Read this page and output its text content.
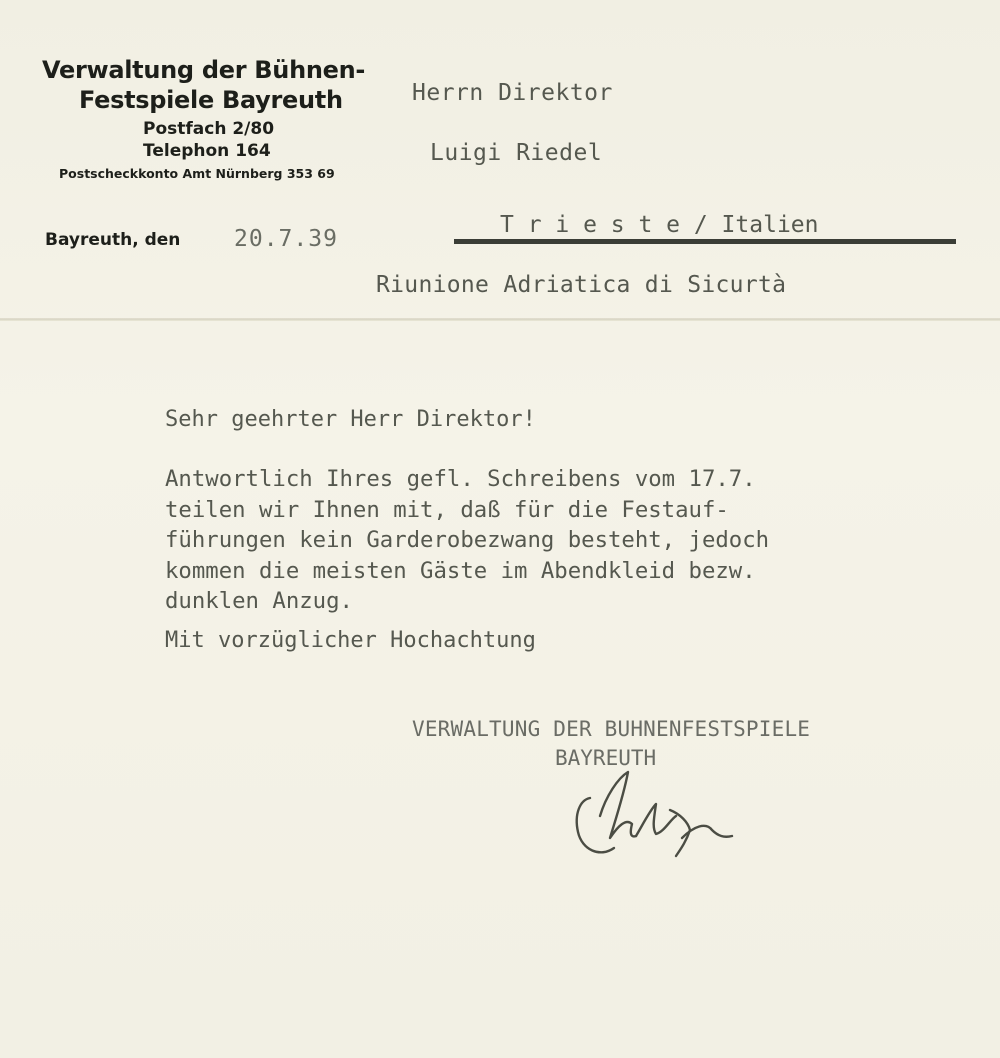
Verwaltung der Bühnen-
Festspiele Bayreuth
Postfach 2/80
Telephon 164
Postscheckkonto Amt Nürnberg 353 69
Bayreuth, den 20.7.39
Herrn Direktor
Luigi Riedel
T r i e s t e / Italien
Riunione Adriatica di Sicurtà
Sehr geehrter Herr Direktor!
Antwortlich Ihres gefl. Schreibens vom 17.7.
teilen wir Ihnen mit, daß für die Festauf-
führungen kein Garderobezwang besteht, jedoch
kommen die meisten Gäste im Abendkleid bezw.
dunklen Anzug.
Mit vorzüglicher Hochachtung
VERWALTUNG DER BUHNENFESTSPIELE
BAYREUTH
